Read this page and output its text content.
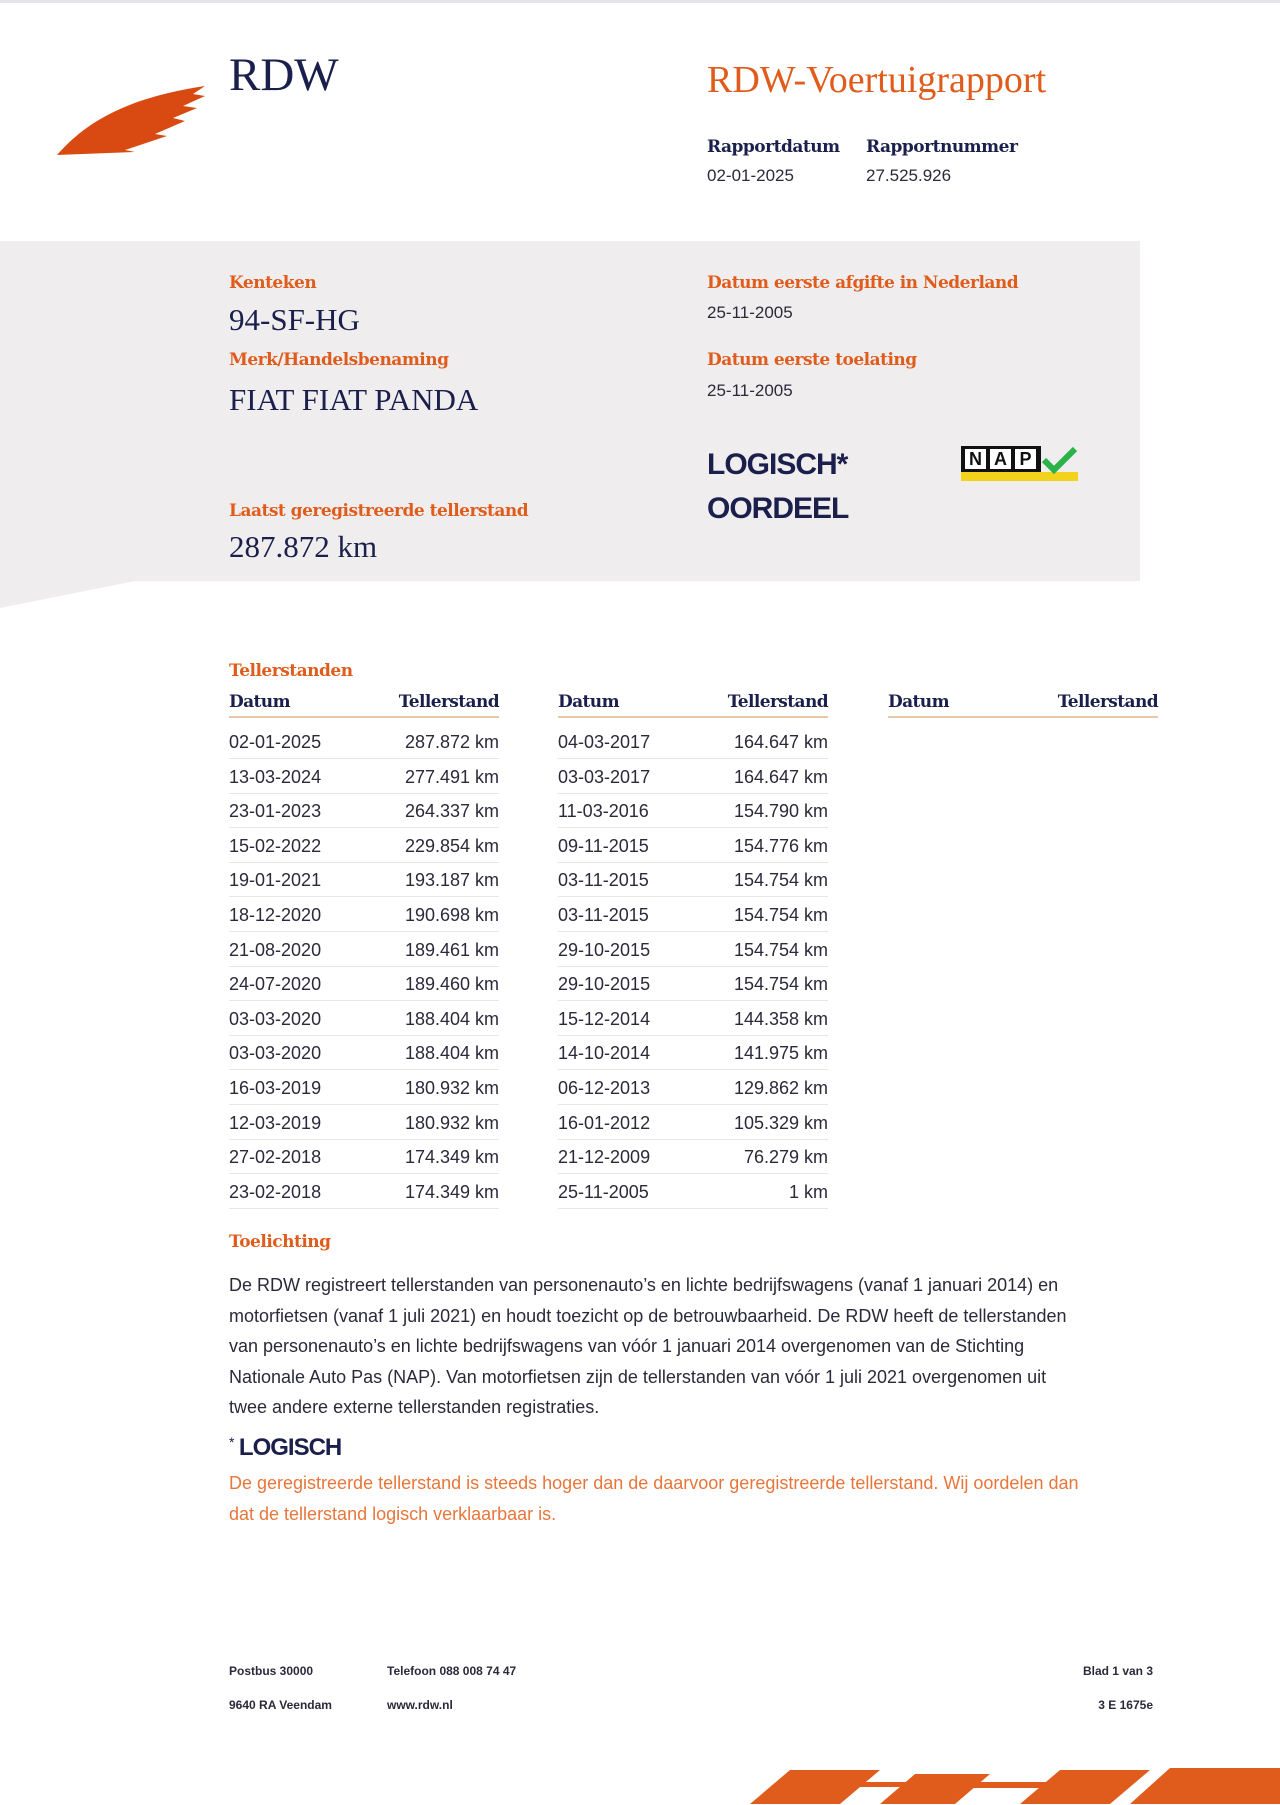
RDW	RDW-Voertuigrapport
Rapportdatum
02-01-2025
Rapportnummer
27.525.926
Kenteken
94-SF-HG
Merk/Handelsbenaming
FIAT FIAT PANDA
Datum eerste afgifte in Nederland
25-11-2005
Datum eerste toelating
25-11-2005
LOGISCH*
OORDEEL
N A P
Laatst geregistreerde tellerstand
287.872 km
Tellerstanden
Datum	Tellerstand	Datum	Tellerstand	Datum	Tellerstand
02-01-2025	287.872 km
13-03-2024	277.491 km
23-01-2023	264.337 km
15-02-2022	229.854 km
19-01-2021	193.187 km
18-12-2020	190.698 km
21-08-2020	189.461 km
24-07-2020	189.460 km
03-03-2020	188.404 km
03-03-2020	188.404 km
16-03-2019	180.932 km
12-03-2019	180.932 km
27-02-2018	174.349 km
23-02-2018	174.349 km
04-03-2017	164.647 km
03-03-2017	164.647 km
11-03-2016	154.790 km
09-11-2015	154.776 km
03-11-2015	154.754 km
03-11-2015	154.754 km
29-10-2015	154.754 km
29-10-2015	154.754 km
15-12-2014	144.358 km
14-10-2014	141.975 km
06-12-2013	129.862 km
16-01-2012	105.329 km
21-12-2009	76.279 km
25-11-2005	1 km
Toelichting
De RDW registreert tellerstanden van personenauto’s en lichte bedrijfswagens (vanaf 1 januari 2014) en
motorfietsen (vanaf 1 juli 2021) en houdt toezicht op de betrouwbaarheid. De RDW heeft de tellerstanden
van personenauto’s en lichte bedrijfswagens van vóór 1 januari 2014 overgenomen van de Stichting
Nationale Auto Pas (NAP). Van motorfietsen zijn de tellerstanden van vóór 1 juli 2021 overgenomen uit
twee andere externe tellerstanden registraties.
* LOGISCH
De geregistreerde tellerstand is steeds hoger dan de daarvoor geregistreerde tellerstand. Wij oordelen dan
dat de tellerstand logisch verklaarbaar is.
Postbus 30000
9640 RA Veendam
Telefoon 088 008 74 47
www.rdw.nl
Blad 1 van 3
3 E 1675e
